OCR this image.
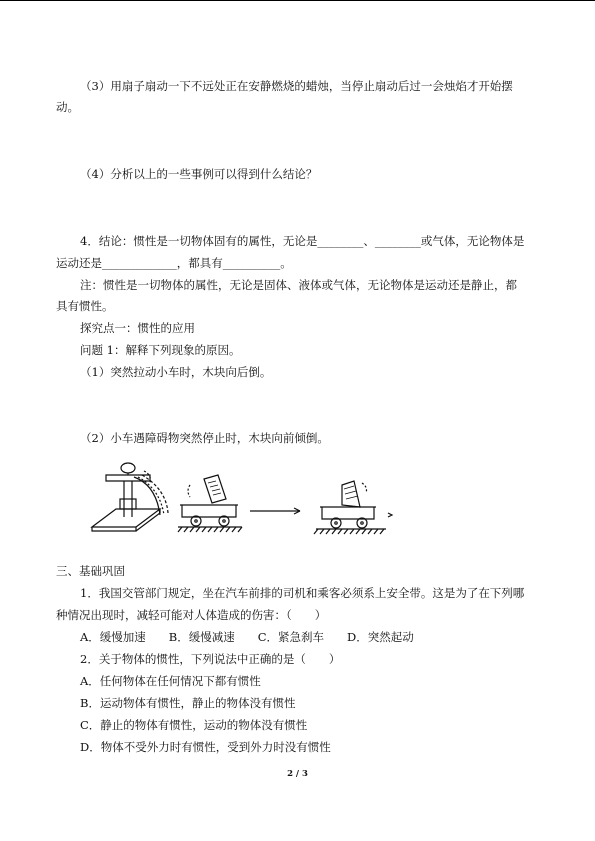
（3）用扇子扇动一下不远处正在安静燃烧的蜡烛，当停止扇动后过一会烛焰才开始摆
动。
（4）分析以上的一些事例可以得到什么结论？
4．结论：惯性是一切物体固有的属性，无论是________、________或气体，无论物体是
运动还是_____________，都具有__________。
注：惯性是一切物体的属性，无论是固体、液体或气体，无论物体是运动还是静止，都
具有惯性。
探究点一：惯性的应用
问题 1：解释下列现象的原因。
（1）突然拉动小车时，木块向后倒。
（2）小车遇障碍物突然停止时，木块向前倾倒。
三、基础巩固
1．我国交管部门规定，坐在汽车前排的司机和乘客必须系上安全带。这是为了在下列哪
种情况出现时，减轻可能对人体造成的伤害：（　　）
A．缓慢加速　　B．缓慢减速　　C．紧急刹车　　D．突然起动
2．关于物体的惯性，下列说法中正确的是（　　）
A．任何物体在任何情况下都有惯性
B．运动物体有惯性，静止的物体没有惯性
C．静止的物体有惯性，运动的物体没有惯性
D．物体不受外力时有惯性，受到外力时没有惯性
2 / 3
